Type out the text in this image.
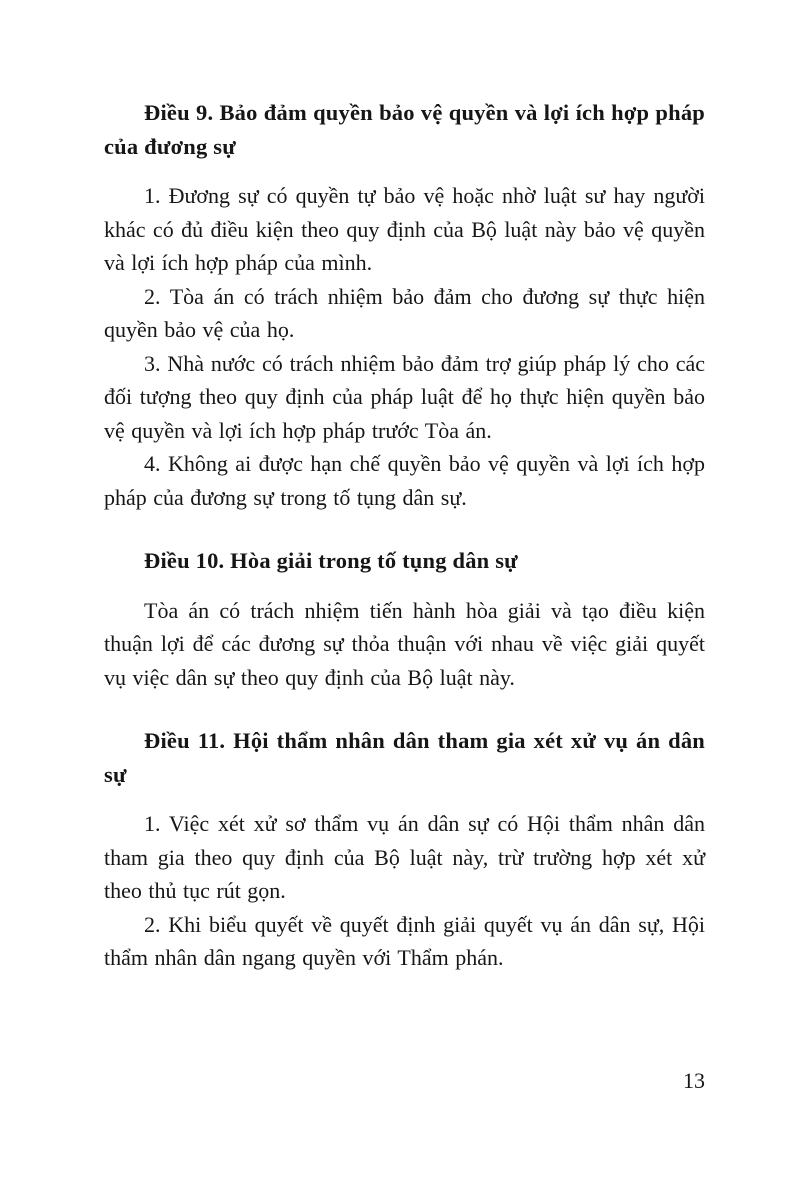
Điều 9. Bảo đảm quyền bảo vệ quyền và lợi ích hợp pháp của đương sự

1. Đương sự có quyền tự bảo vệ hoặc nhờ luật sư hay người khác có đủ điều kiện theo quy định của Bộ luật này bảo vệ quyền và lợi ích hợp pháp của mình.

2. Tòa án có trách nhiệm bảo đảm cho đương sự thực hiện quyền bảo vệ của họ.

3. Nhà nước có trách nhiệm bảo đảm trợ giúp pháp lý cho các đối tượng theo quy định của pháp luật để họ thực hiện quyền bảo vệ quyền và lợi ích hợp pháp trước Tòa án.

4. Không ai được hạn chế quyền bảo vệ quyền và lợi ích hợp pháp của đương sự trong tố tụng dân sự.

Điều 10. Hòa giải trong tố tụng dân sự

Tòa án có trách nhiệm tiến hành hòa giải và tạo điều kiện thuận lợi để các đương sự thỏa thuận với nhau về việc giải quyết vụ việc dân sự theo quy định của Bộ luật này.

Điều 11. Hội thẩm nhân dân tham gia xét xử vụ án dân sự

1. Việc xét xử sơ thẩm vụ án dân sự có Hội thẩm nhân dân tham gia theo quy định của Bộ luật này, trừ trường hợp xét xử theo thủ tục rút gọn.

2. Khi biểu quyết về quyết định giải quyết vụ án dân sự, Hội thẩm nhân dân ngang quyền với Thẩm phán.

13
